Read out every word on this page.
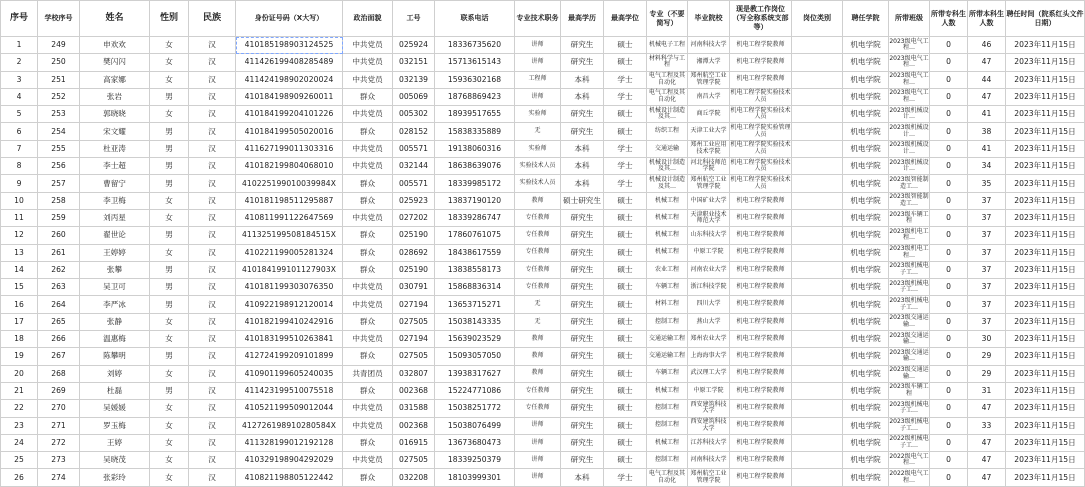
序号	学校序号	姓名	性别	民族	身份证号码（X大写）	政治面貌	工号	联系电话	专业技术职务	最高学历	最高学位	专业（不要简写）	毕业院校	现是教工作岗位（写全称系统支部等）	岗位类别	聘任学院	所带班级	所带专科生人数	所带本科生人数	聘任时间（院系红头文件日期）
1	249	申欢欢	女	汉	410185198903124525	中共党员	025924	18336735620	讲师	研究生	硕士	机械电子工程	河南科技大学	机电工程学院教师		机电学院	2023级电气工程…	0	46	2023年11月15日
2	250	樊闪闪	女	汉	411426199408285489	中共党员	032151	15713615143	讲师	研究生	硕士	材料科学与工程	湘潭大学	机电工程学院教师		机电学院	2023级电气工程…	0	47	2023年11月15日
3	251	高家娜	女	汉	411424198902020024	中共党员	032139	15936302168	工程师	本科	学士	电气工程及其自动化	郑州航空工业管理学院	机电工程学院教师		机电学院	2023级电气工程…	0	44	2023年11月15日
4	252	张岩	男	汉	410184198909260011	群众	005069	18768869423	讲师	本科	学士	电气工程及其自动化	南昌大学	机电工程学院实验技术人员		机电学院	2023级电气工程…	0	47	2023年11月15日
5	253	郭晓晓	女	汉	410184199204101226	中共党员	005302	18939517655	实验师	研究生	硕士	机械设计制造及其…	商丘学院	机电工程学院实验技术人员		机电学院	2023级机械设计…	0	41	2023年11月15日
6	254	宋文耀	男	汉	410184199505020016	群众	028152	15838335889	无	研究生	硕士	纺织工程	天津工业大学	机电工程学院实验管理人员		机电学院	2023级机械设计…	0	38	2023年11月15日
7	255	杜亚涛	男	汉	411627199011303316	中共党员	005571	19138060316	实验师	本科	学士	交通运输	郑州工业应用技术学院	机电工程学院实验技术人员		机电学院	2023级机械设计…	0	41	2023年11月15日
8	256	李士超	男	汉	410182199804068010	中共党员	032144	18638639076	实验技术人员	本科	学士	机械设计制造及其…	河北科技师范学院	机电工程学院实验技术人员		机电学院	2023级机械设计…	0	34	2023年11月15日
9	257	曹留宁	男	汉	410225199010039984X	群众	005571	18339985172	实验技术人员	本科	学士	机械设计制造及其…	郑州航空工业管理学院	机电工程学院实验技术人员		机电学院	2023级智能制造工…	0	35	2023年11月15日
10	258	李卫梅	女	汉	410181198511295887	群众	025923	13837190120	教师	硕士研究生	硕士	机械工程	中国矿业大学	机电工程学院教师		机电学院	2023级智能制造工…	0	37	2023年11月15日
11	259	刘丙星	女	汉	410811991122647569	中共党员	027202	18339286747	专任教师	研究生	硕士	机械工程	天津职业技术师范大学	机电工程学院教师		机电学院	2023级车辆工程	0	37	2023年11月15日
12	260	翟世论	男	汉	411325199508184515X	群众	025190	17860761075	专任教师	研究生	硕士	机械工程	山东科技大学	机电工程学院教师		机电学院	2023级机电工程…	0	37	2023年11月15日
13	261	王婷婷	女	汉	410221199005281324	群众	028692	18438617559	专任教师	研究生	硕士	机械工程	中原工学院	机电工程学院教师		机电学院	2023级机电工程…	0	37	2023年11月15日
14	262	张攀	男	汉	410184199101127903X	群众	025190	13838558173	专任教师	研究生	硕士	农业工程	河南农业大学	机电工程学院教师		机电学院	2023级机械电子工…	0	37	2023年11月15日
15	263	吴卫可	男	汉	410181199303076350	中共党员	030791	15868836314	专任教师	研究生	硕士	车辆工程	浙江科技学院	机电工程学院教师		机电学院	2023级机械电子工…	0	37	2023年11月15日
16	264	李严冰	男	汉	410922198912120014	中共党员	027194	13653715271	无	研究生	硕士	材料工程	四川大学	机电工程学院教师		机电学院	2023级机械电子工…	0	37	2023年11月15日
17	265	张静	女	汉	410182199410242916	群众	027505	15038143335	无	研究生	硕士	控制工程	燕山大学	机电工程学院教师		机电学院	2023级交通运输…	0	37	2023年11月15日
18	266	温惠梅	女	汉	410183199510263841	中共党员	027194	15639023529	教师	研究生	硕士	交通运输工程	郑州农业大学	机电工程学院教师		机电学院	2023级交通运输…	0	30	2023年11月15日
19	267	陈攀明	男	汉	412724199209101899	群众	027505	15093057050	教师	研究生	硕士	交通运输工程	上海海事大学	机电工程学院教师		机电学院	2023级交通运输…	0	29	2023年11月15日
20	268	刘婷	女	汉	410901199605240035	共青团员	032807	13938317627	教师	研究生	硕士	车辆工程	武汉理工大学	机电工程学院教师		机电学院	2023级交通运输…	0	29	2023年11月15日
21	269	杜磊	男	汉	411423199510075518	群众	002368	15224771086	专任教师	研究生	硕士	机械工程	中原工学院	机电工程学院教师		机电学院	2023级车辆工程	0	31	2023年11月15日
22	270	吴媛媛	女	汉	410521199509012044	中共党员	031588	15038251772	专任教师	研究生	硕士	控制工程	西安建筑科技大学	机电工程学院教师		机电学院	2023级机械电子工…	0	47	2023年11月15日
23	271	罗玉梅	女	汉	412726198910280584X	中共党员	002368	15038076499	讲师	研究生	硕士	控制工程	西安建筑科技大学	机电工程学院教师		机电学院	2023级机械电子工…	0	33	2023年11月15日
24	272	王婷	女	汉	411328199012192128	群众	016915	13673680473	讲师	研究生	硕士	机械工程	江苏科技大学	机电工程学院教师		机电学院	2022级机械电子工…	0	47	2023年11月15日
25	273	吴晓茂	女	汉	410329198904292029	中共党员	027505	18339250379	讲师	研究生	硕士	控制工程	河南科技大学	机电工程学院教师		机电学院	2022级电气工程…	0	47	2023年11月15日
26	274	张彩玲	女	汉	410821198805122442	群众	032208	18103999301	讲师	本科	学士	电气工程及其自动化	郑州航空工业管理学院	机电工程学院教师		机电学院	2022级电气工程…	0	47	2023年11月15日
